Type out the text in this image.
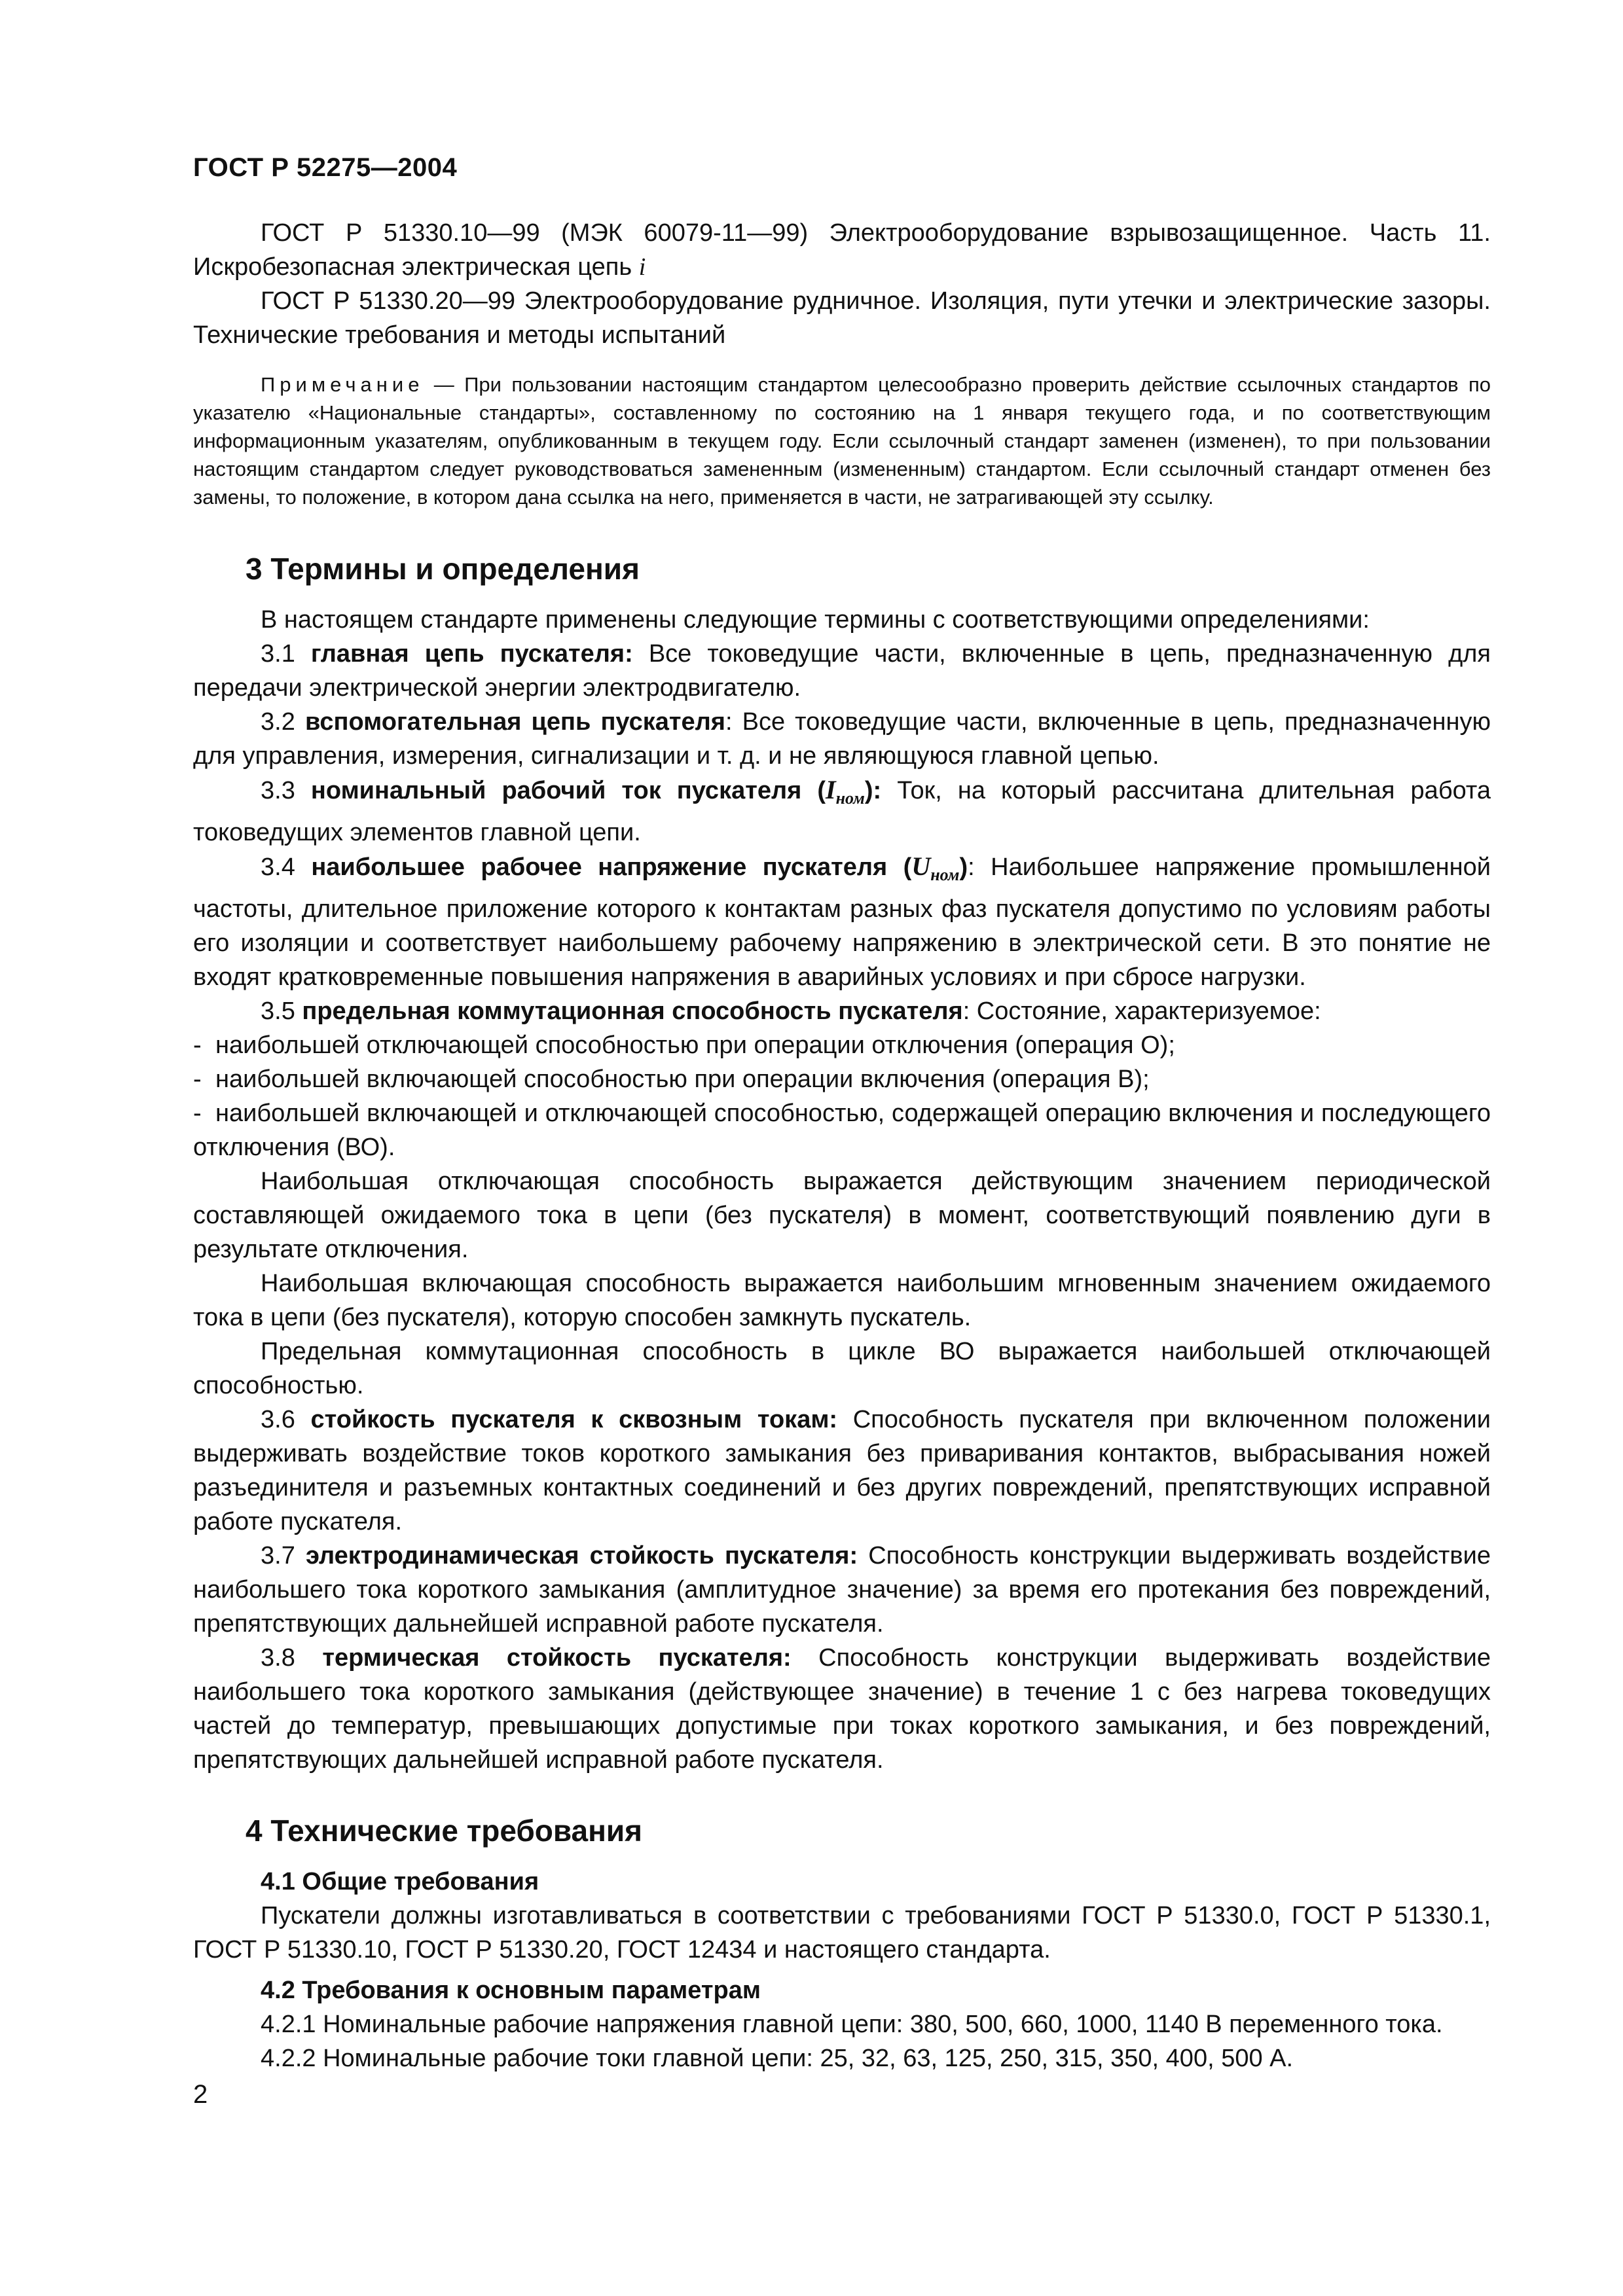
ГОСТ Р 52275—2004

ГОСТ Р 51330.10—99 (МЭК 60079-11—99) Электрооборудование взрывозащищенное. Часть 11. Искробезопасная электрическая цепь i

ГОСТ Р 51330.20—99 Электрооборудование рудничное. Изоляция, пути утечки и электрические зазоры. Технические требования и методы испытаний

Примечание — При пользовании настоящим стандартом целесообразно проверить действие ссылочных стандартов по указателю «Национальные стандарты», составленному по состоянию на 1 января текущего года, и по соответствующим информационным указателям, опубликованным в текущем году. Если ссылочный стандарт заменен (изменен), то при пользовании настоящим стандартом следует руководствоваться замененным (измененным) стандартом. Если ссылочный стандарт отменен без замены, то положение, в котором дана ссылка на него, применяется в части, не затрагивающей эту ссылку.

3 Термины и определения

В настоящем стандарте применены следующие термины с соответствующими определениями:

3.1 главная цепь пускателя: Все токоведущие части, включенные в цепь, предназначенную для передачи электрической энергии электродвигателю.

3.2 вспомогательная цепь пускателя: Все токоведущие части, включенные в цепь, предназначенную для управления, измерения, сигнализации и т. д. и не являющуюся главной цепью.

3.3 номинальный рабочий ток пускателя $(I_{ном})$: Ток, на который рассчитана длительная работа токоведущих элементов главной цепи.

3.4 наибольшее рабочее напряжение пускателя $(U_{ном})$: Наибольшее напряжение промышленной частоты, длительное приложение которого к контактам разных фаз пускателя допустимо по условиям работы его изоляции и соответствует наибольшему рабочему напряжению в электрической сети. В это понятие не входят кратковременные повышения напряжения в аварийных условиях и при сбросе нагрузки.

3.5 предельная коммутационная способность пускателя: Состояние, характеризуемое:

- наибольшей отключающей способностью при операции отключения (операция О);

- наибольшей включающей способностью при операции включения (операция В);

- наибольшей включающей и отключающей способностью, содержащей операцию включения и последующего отключения (ВО).

Наибольшая отключающая способность выражается действующим значением периодической составляющей ожидаемого тока в цепи (без пускателя) в момент, соответствующий появлению дуги в результате отключения.

Наибольшая включающая способность выражается наибольшим мгновенным значением ожидаемого тока в цепи (без пускателя), которую способен замкнуть пускатель.

Предельная коммутационная способность в цикле ВО выражается наибольшей отключающей способностью.

3.6 стойкость пускателя к сквозным токам: Способность пускателя при включенном положении выдерживать воздействие токов короткого замыкания без приваривания контактов, выбрасывания ножей разъединителя и разъемных контактных соединений и без других повреждений, препятствующих исправной работе пускателя.

3.7 электродинамическая стойкость пускателя: Способность конструкции выдерживать воздействие наибольшего тока короткого замыкания (амплитудное значение) за время его протекания без повреждений, препятствующих дальнейшей исправной работе пускателя.

3.8 термическая стойкость пускателя: Способность конструкции выдерживать воздействие наибольшего тока короткого замыкания (действующее значение) в течение 1 с без нагрева токоведущих частей до температур, превышающих допустимые при токах короткого замыкания, и без повреждений, препятствующих дальнейшей исправной работе пускателя.

4 Технические требования
4.1 Общие требования

Пускатели должны изготавливаться в соответствии с требованиями ГОСТ Р 51330.0, ГОСТ Р 51330.1, ГОСТ Р 51330.10, ГОСТ Р 51330.20, ГОСТ 12434 и настоящего стандарта.

4.2 Требования к основным параметрам

4.2.1 Номинальные рабочие напряжения главной цепи: 380, 500, 660, 1000, 1140 В переменного тока.

4.2.2 Номинальные рабочие токи главной цепи: 25, 32, 63, 125, 250, 315, 350, 400, 500 А.

2
